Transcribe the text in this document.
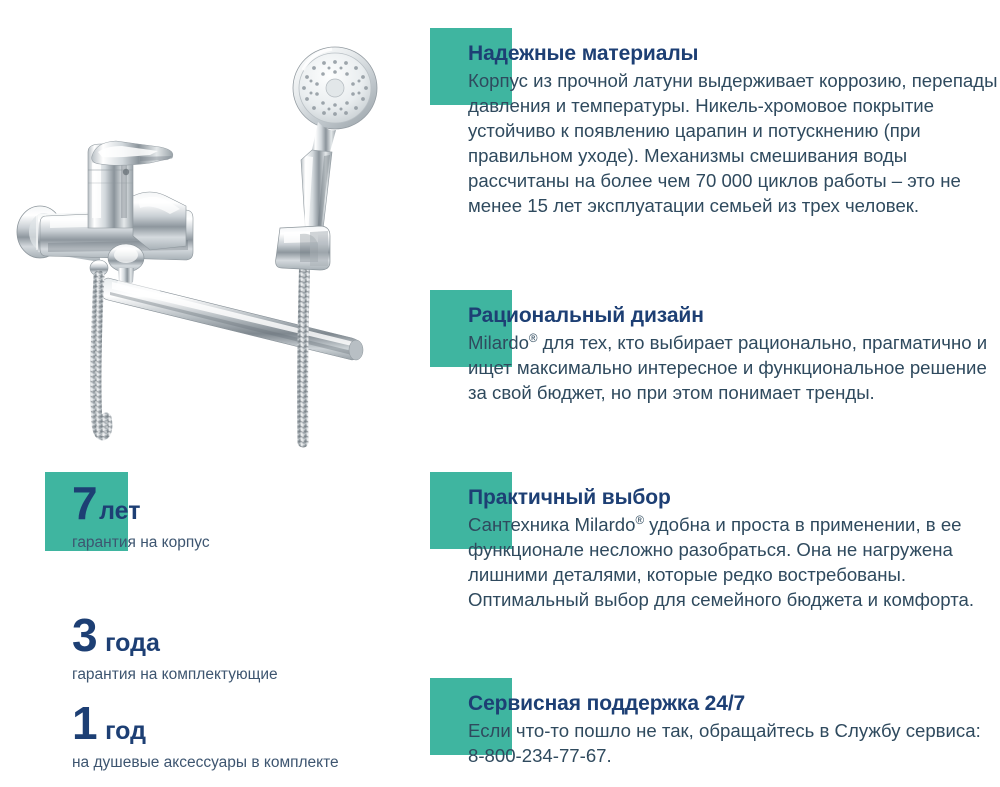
7лет
гарантия на корпус
3 года
гарантия на комплектующие
1 год
на душевые аксессуары в комплекте
Надежные материалы

Корпус из прочной латуни выдерживает коррозию, перепады давления и температуры. Никель-хромовое покрытие устойчиво к появлению царапин и потускнению (при правильном уходе). Механизмы смешивания воды рассчитаны на более чем 70 000 циклов работы – это не менее 15 лет эксплуатации семьей из трех человек.

Рациональный дизайн

Milardo® для тех, кто выбирает рационально, прагматично и ищет максимально интересное и функциональное решение за свой бюджет, но при этом понимает тренды.

Практичный выбор

Сантехника Milardo® удобна и проста в применении, в ее функционале несложно разобраться. Она не нагружена лишними деталями, которые редко востребованы. Оптимальный выбор для семейного бюджета и комфорта.

Сервисная поддержка 24/7

Если что-то пошло не так, обращайтесь в Службу сервиса: 8-800-234-77-67.
